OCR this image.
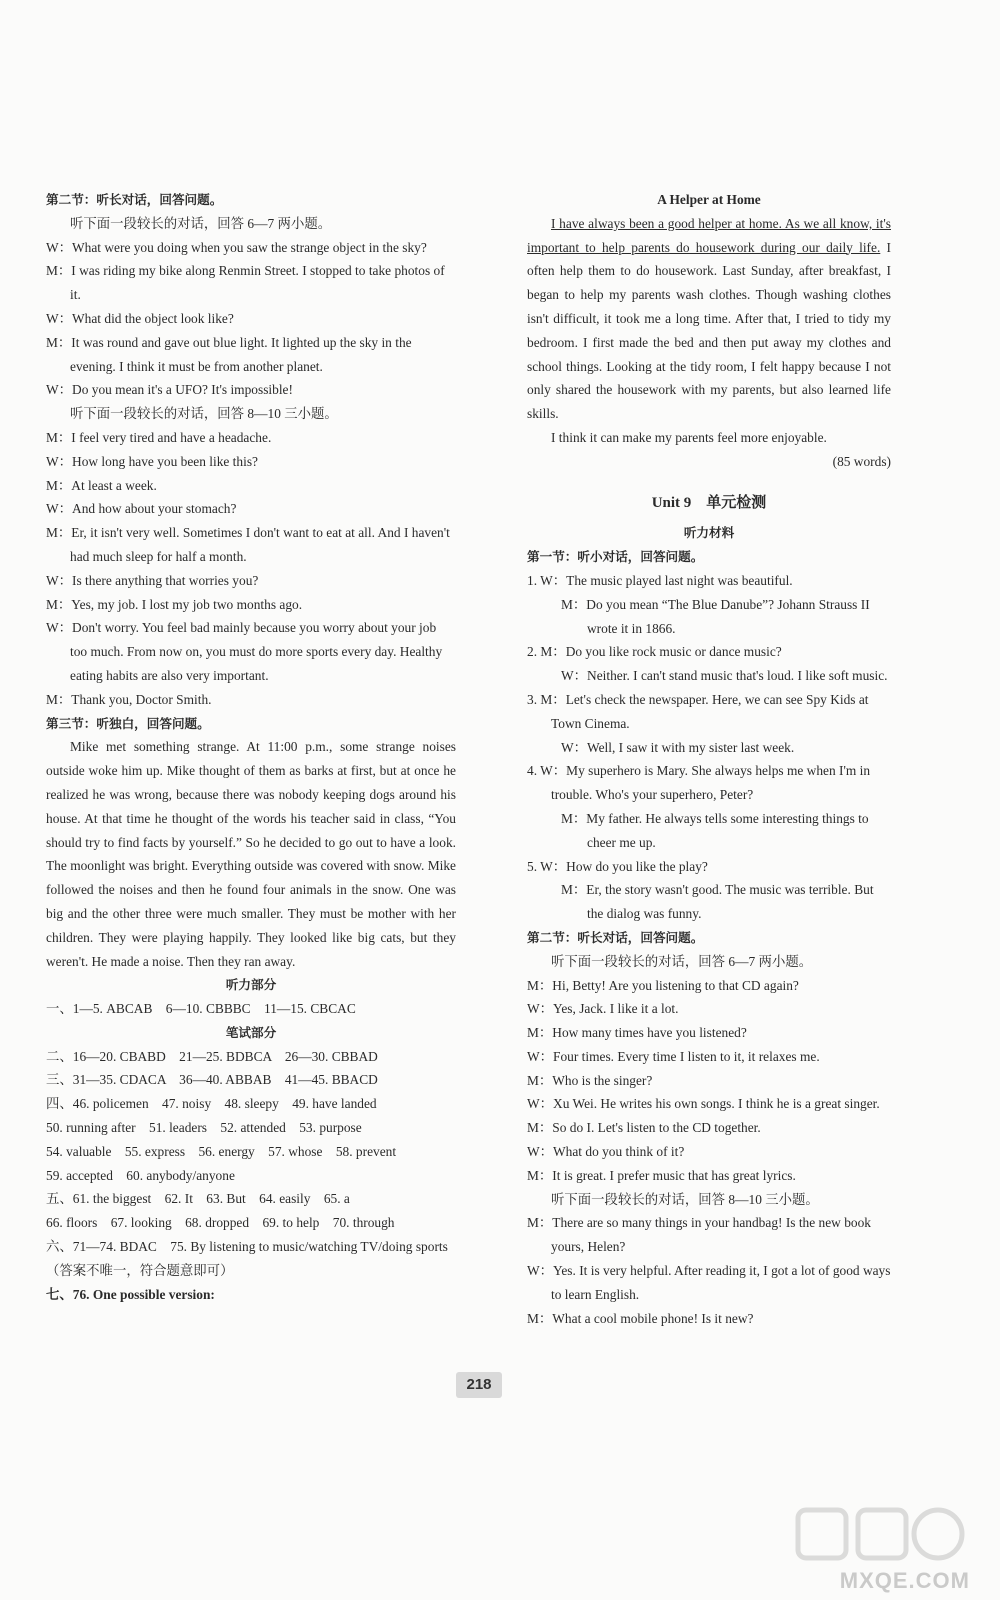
第二节：听长对话，回答问题。

听下面一段较长的对话，回答 6—7 两小题。

W：What were you doing when you saw the strange object in the sky?

M：I was riding my bike along Renmin Street. I stopped to take photos of it.

W：What did the object look like?

M：It was round and gave out blue light. It lighted up the sky in the evening. I think it must be from another planet.

W：Do you mean it's a UFO? It's impossible!

听下面一段较长的对话，回答 8—10 三小题。

M：I feel very tired and have a headache.

W：How long have you been like this?

M：At least a week.

W：And how about your stomach?

M：Er, it isn't very well. Sometimes I don't want to eat at all. And I haven't had much sleep for half a month.

W：Is there anything that worries you?

M：Yes, my job. I lost my job two months ago.

W：Don't worry. You feel bad mainly because you worry about your job too much. From now on, you must do more sports every day. Healthy eating habits are also very important.

M：Thank you, Doctor Smith.

第三节：听独白，回答问题。

Mike met something strange. At 11:00 p.m., some strange noises outside woke him up. Mike thought of them as barks at first, but at once he realized he was wrong, because there was nobody keeping dogs around his house. At that time he thought of the words his teacher said in class, “You should try to find facts by yourself.” So he decided to go out to have a look. The moonlight was bright. Everything outside was covered with snow. Mike followed the noises and then he found four animals in the snow. One was big and the other three were much smaller. They must be mother with her children. They were playing happily. They looked like big cats, but they weren't. He made a noise. Then they ran away.

听力部分

一、1—5. ABCAB　6—10. CBBBC　11—15. CBCAC

笔试部分

二、16—20. CBABD　21—25. BDBCA　26—30. CBBAD

三、31—35. CDACA　36—40. ABBAB　41—45. BBACD

四、46. policemen　47. noisy　48. sleepy　49. have landed

50. running after　51. leaders　52. attended　53. purpose

54. valuable　55. express　56. energy　57. whose　58. prevent

59. accepted　60. anybody/anyone

五、61. the biggest　62. It　63. But　64. easily　65. a

66. floors　67. looking　68. dropped　69. to help　70. through

六、71—74. BDAC　75. By listening to music/watching TV/doing sports（答案不唯一，符合题意即可）

七、76. One possible version:

A Helper at Home

I have always been a good helper at home. As we all know, it's important to help parents do housework during our daily life. I often help them to do housework. Last Sunday, after breakfast, I began to help my parents wash clothes. Though washing clothes isn't difficult, it took me a long time. After that, I tried to tidy my bedroom. I first made the bed and then put away my clothes and school things. Looking at the tidy room, I felt happy because I not only shared the housework with my parents, but also learned life skills.

I think it can make my parents feel more enjoyable.

(85 words)

Unit 9　单元检测

听力材料

第一节：听小对话，回答问题。

1. W：The music played last night was beautiful.

M：Do you mean “The Blue Danube”? Johann Strauss II wrote it in 1866.

2. M：Do you like rock music or dance music?

W：Neither. I can't stand music that's loud. I like soft music.

3. M：Let's check the newspaper. Here, we can see Spy Kids at Town Cinema.

W：Well, I saw it with my sister last week.

4. W：My superhero is Mary. She always helps me when I'm in trouble. Who's your superhero, Peter?

M：My father. He always tells some interesting things to cheer me up.

5. W：How do you like the play?

M：Er, the story wasn't good. The music was terrible. But the dialog was funny.

第二节：听长对话，回答问题。

听下面一段较长的对话，回答 6—7 两小题。

M：Hi, Betty! Are you listening to that CD again?

W：Yes, Jack. I like it a lot.

M：How many times have you listened?

W：Four times. Every time I listen to it, it relaxes me.

M：Who is the singer?

W：Xu Wei. He writes his own songs. I think he is a great singer.

M：So do I. Let's listen to the CD together.

W：What do you think of it?

M：It is great. I prefer music that has great lyrics.

听下面一段较长的对话，回答 8—10 三小题。

M：There are so many things in your handbag! Is the new book yours, Helen?

W：Yes. It is very helpful. After reading it, I got a lot of good ways to learn English.

M：What a cool mobile phone! Is it new?

218
MXQE.COM
